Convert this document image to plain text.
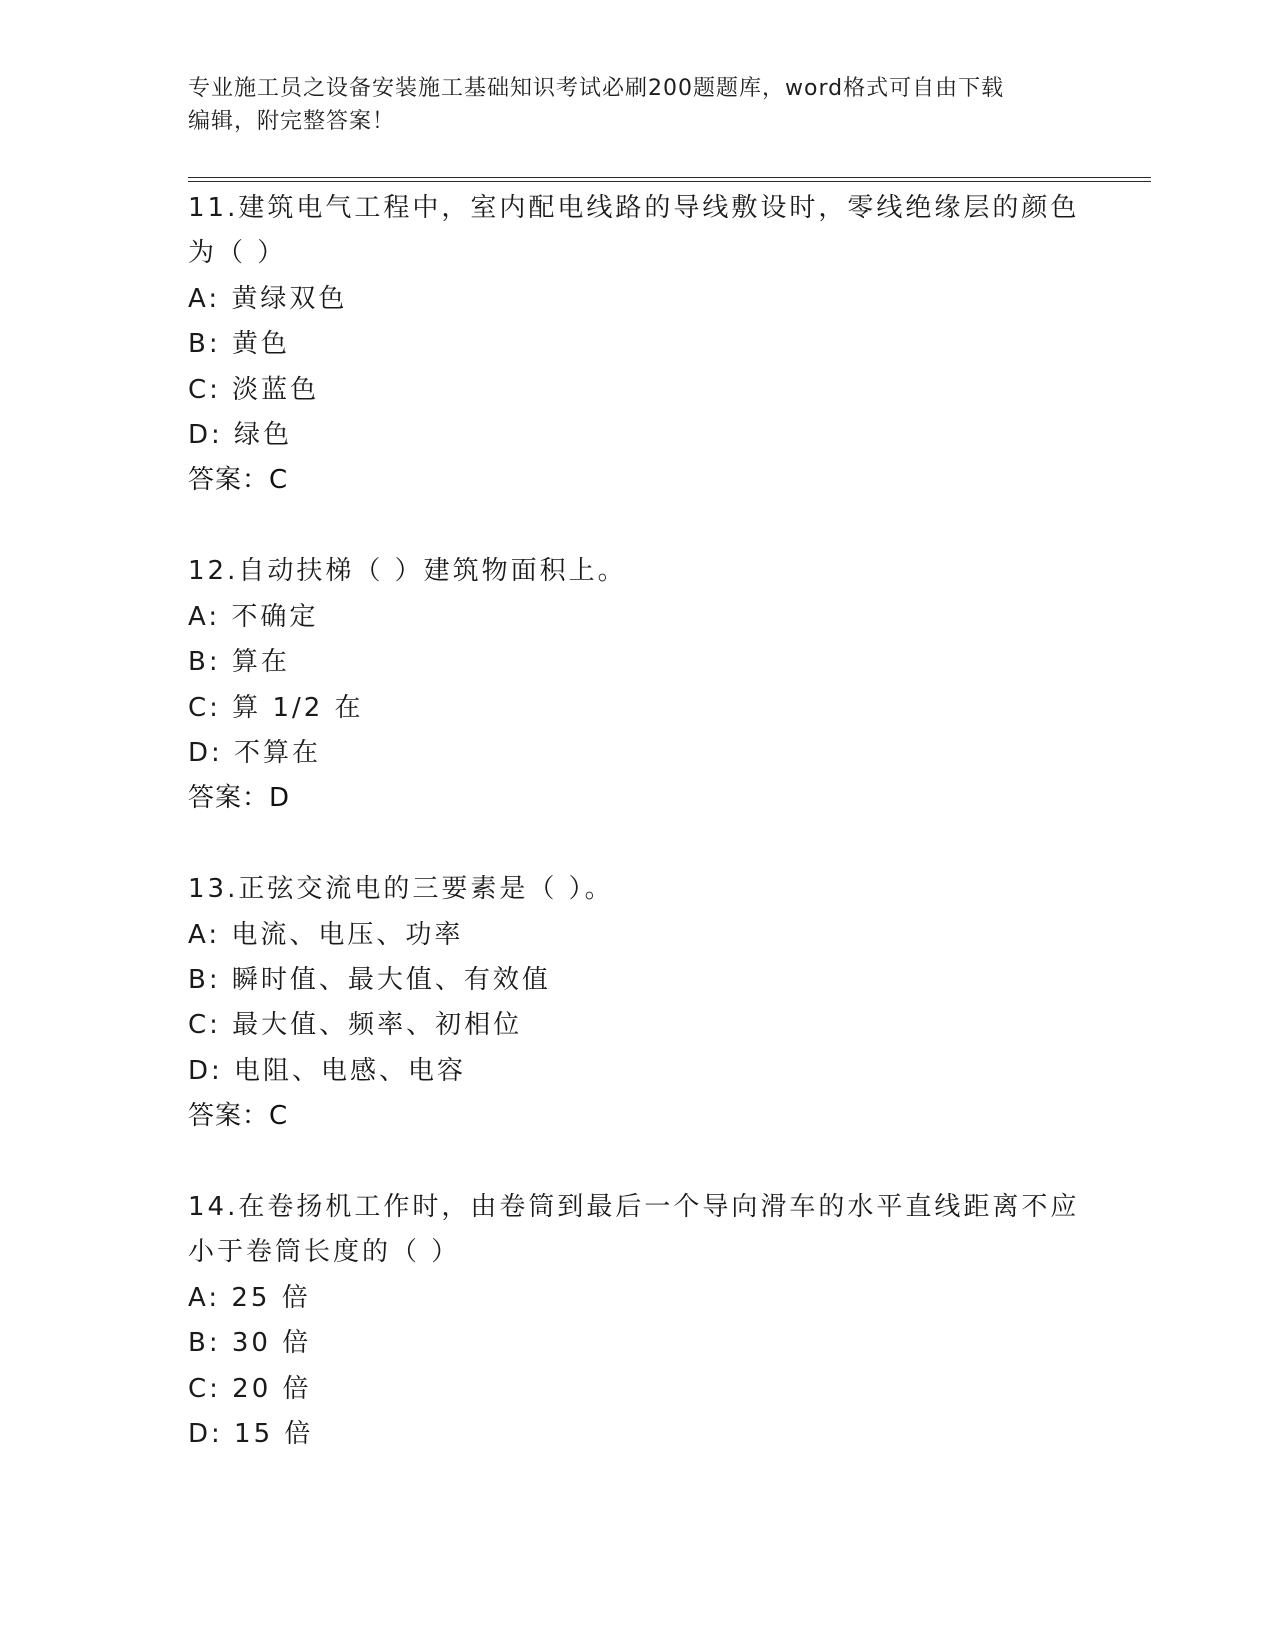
专业施工员之设备安装施工基础知识考试必刷200题题库，word格式可自由下载
编辑，附完整答案！
11.建筑电气工程中，室内配电线路的导线敷设时，零线绝缘层的颜色
为（ ）
A: 黄绿双色
B: 黄色
C: 淡蓝色
D: 绿色
答案：C
12.自动扶梯（ ）建筑物面积上。
A: 不确定
B: 算在
C: 算 1/2 在
D: 不算在
答案：D
13.正弦交流电的三要素是（ ）。
A: 电流、电压、功率
B: 瞬时值、最大值、有效值
C: 最大值、频率、初相位
D: 电阻、电感、电容
答案：C
14.在卷扬机工作时，由卷筒到最后一个导向滑车的水平直线距离不应
小于卷筒长度的（ ）
A: 25 倍
B: 30 倍
C: 20 倍
D: 15 倍
